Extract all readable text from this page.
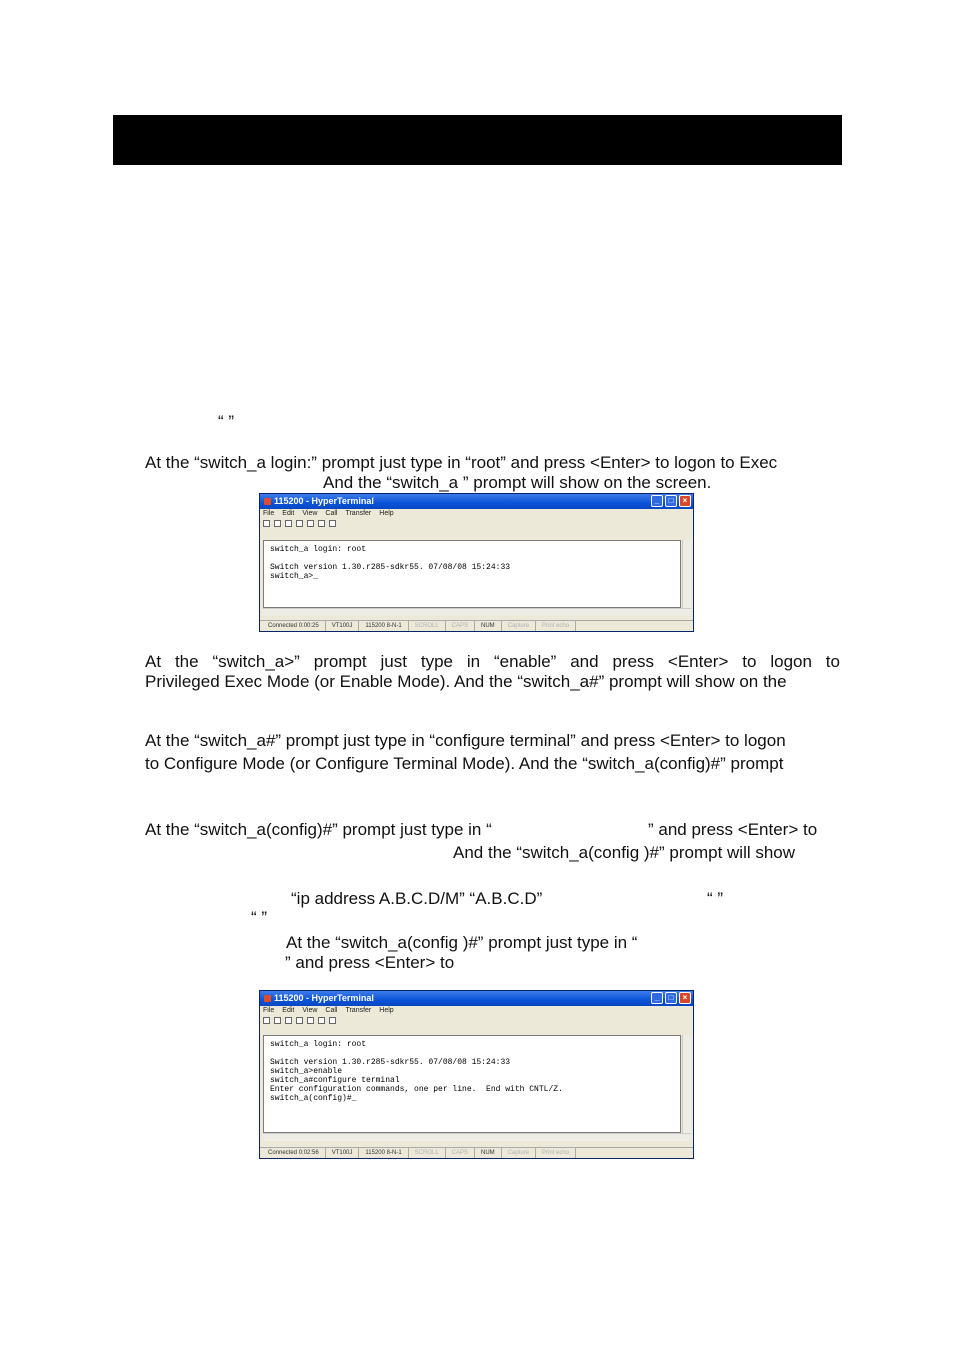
“ ”
At the “switch_a login:” prompt just type in “root” and press <Enter> to logon to Exec
And the “switch_a ” prompt will show on the screen.
115200 - HyperTerminal	_	□	×
File Edit View Call Transfer Help
switch_a login: root

Switch version 1.30.r285-sdkr55. 07/08/08 15:24:33
switch_a>_
Connected 0:00:25	VT100J	115200 8-N-1	SCROLL	CAPS	NUM	Capture	Print echo
At the “switch_a>” prompt just type in “enable” and press <Enter> to logon to
Privileged Exec Mode (or Enable Mode). And the “switch_a#” prompt will show on the
At the “switch_a#” prompt just type in “configure terminal” and press <Enter> to logon
to Configure Mode (or Configure Terminal Mode). And the “switch_a(config)#” prompt
At the “switch_a(config)#” prompt just type in “	” and press <Enter> to
And the “switch_a(config )#” prompt will show
“ip address A.B.C.D/M” “A.B.C.D”	“ ”
“ ”
At the “switch_a(config )#” prompt just type in “
” and press <Enter> to
115200 - HyperTerminal	_	□	×
File Edit View Call Transfer Help
switch_a login: root

Switch version 1.30.r285-sdkr55. 07/08/08 15:24:33
switch_a>enable
switch_a#configure terminal
Enter configuration commands, one per line.  End with CNTL/Z.
switch_a(config)#_
Connected 0:02:56	VT100J	115200 8-N-1	SCROLL	CAPS	NUM	Capture	Print echo
